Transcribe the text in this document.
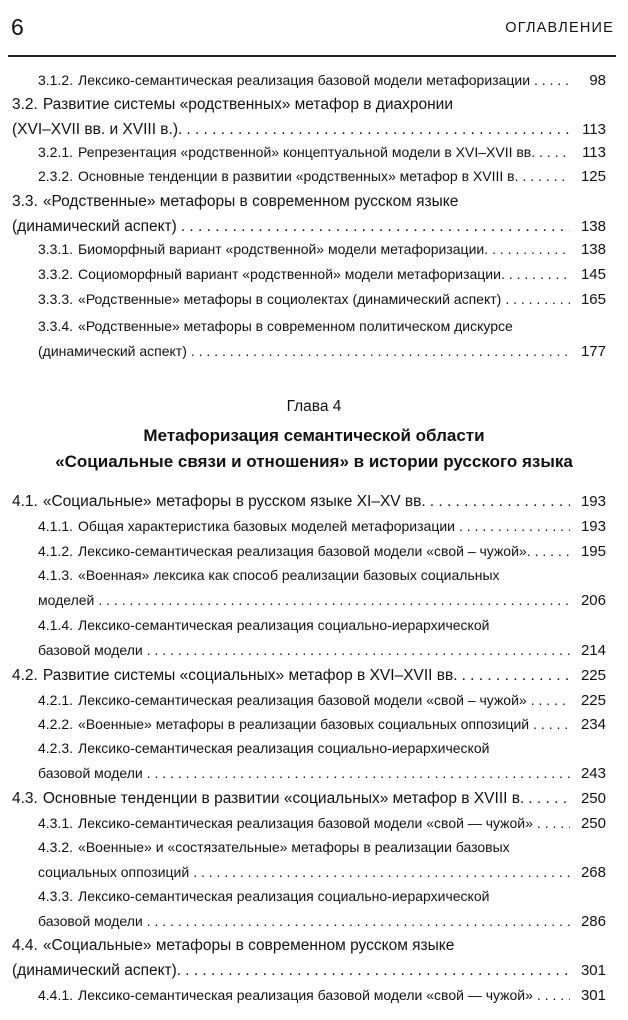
6	ОГЛАВЛЕНИЕ
3.1.2. Лексико-семантическая реализация базовой модели метафоризации . . .	98
3.2. Развитие системы «родственных» метафор в диахронии
(XVI–XVII вв. и XVIII в.). . . .	113
3.2.1. Репрезентация «родственной» концептуальной модели в XVI–XVII вв. . . .	113
2.3.2. Основные тенденции в развитии «родственных» метафор в XVIII в. . . .	125
3.3. «Родственные» метафоры в современном русском языке
(динамический аспект) . . .	138
3.3.1. Биоморфный вариант «родственной» модели метафоризации. . . .	138
3.3.2. Социоморфный вариант «родственной» модели метафоризации. . . .	145
3.3.3. «Родственные» метафоры в социолектах (динамический аспект) . . .	165
3.3.4. «Родственные» метафоры в современном политическом дискурсе
(динамический аспект) . . .	177
4.1. «Социальные» метафоры в русском языке XI–XV вв. . . .	193
4.1.1. Общая характеристика базовых моделей метафоризации . . .	193
4.1.2. Лексико-семантическая реализация базовой модели «свой – чужой». . . .	195
4.1.3. «Военная» лексика как способ реализации базовых социальных
моделей . . .	206
4.1.4. Лексико-семантическая реализация социально-иерархической
базовой модели . . .	214
4.2. Развитие системы «социальных» метафор в XVI–XVII вв. . . .	225
4.2.1. Лексико-семантическая реализация базовой модели «свой – чужой» . . .	225
4.2.2. «Военные» метафоры в реализации базовых социальных оппозиций . . .	234
4.2.3. Лексико-семантическая реализация социально-иерархической
базовой модели . . .	243
4.3. Основные тенденции в развитии «социальных» метафор в XVIII в. . . .	250
4.3.1. Лексико-семантическая реализация базовой модели «свой — чужой» . . .	250
4.3.2. «Военные» и «состязательные» метафоры в реализации базовых
социальных оппозиций . . .	268
4.3.3. Лексико-семантическая реализация социально-иерархической
базовой модели . . .	286
4.4. «Социальные» метафоры в современном русском языке
(динамический аспект). . . .	301
4.4.1. Лексико-семантическая реализация базовой модели «свой — чужой» . . .	301
Глава 4
Метафоризация семантической области
«Социальные связи и отношения» в истории русского языка
